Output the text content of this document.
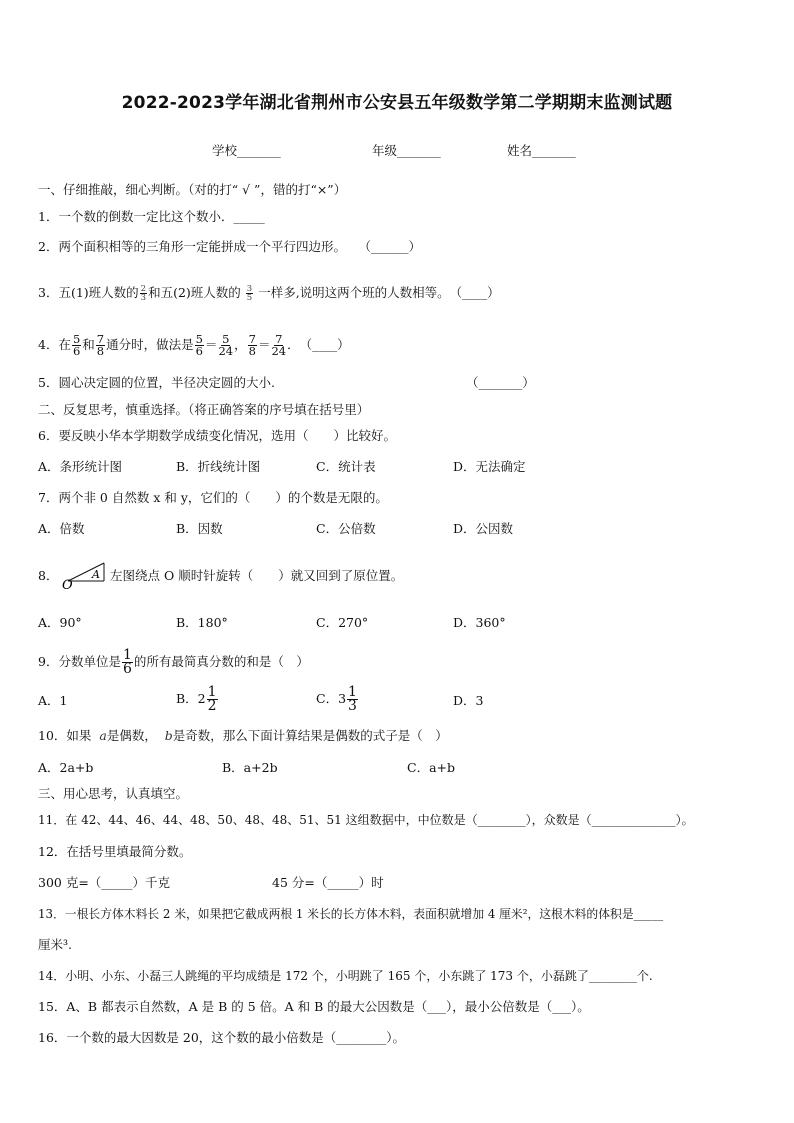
2022-2023学年湖北省荆州市公安县五年级数学第二学期期末监测试题
学校_______	年级_______	姓名_______
一、仔细推敲，细心判断。（对的打“ √ ”，错的打“×”）
1．一个数的倒数一定比这个数小．_____
2．两个面积相等的三角形一定能拼成一个平行四边形。　　（______）
3．五(1)班人数的 $\frac{2}{3}$ 和五(2)班人数的 $\frac{3}{5}$ 一样多,说明这两个班的人数相等。　（____）
4．在 $\frac{5}{6}$ 和 $\frac{7}{8}$ 通分时，做法是 $\frac{5}{6} = \frac{5}{24}$ ， $\frac{7}{8} = \frac{7}{24}$ ．　（____）
5．圆心决定圆的位置，半径决定圆的大小.	（_______）
二、反复思考，慎重选择。（将正确答案的序号填在括号里）
6．要反映小华本学期数学成绩变化情况，选用（　　）比较好。
A．条形统计图	B．折线统计图	C．统计表	D．无法确定
7．两个非 0 自然数 x 和 y，它们的（　　）的个数是无限的。
A．倍数	B．因数	C．公倍数	D．公因数
8．
O
A 左图绕点 O 顺时针旋转（　　）就又回到了原位置。
A．90°	B．180°	C．270°	D．360°
9．分数单位是 $\frac{1}{6}$ 的所有最简真分数的和是（　）
A．1	B．$2 \frac{1}{2}$	C．$3 \frac{1}{3}$	D．3
10．如果 a是偶数， b是奇数，那么下面计算结果是偶数的式子是（　）
A．2a+b	B．a+2b	C．a+b
三、用心思考，认真填空。
11．在 42、44、46、44、48、50、48、48、51、51 这组数据中，中位数是（________），众数是（______________）。
12．在括号里填最简分数。
300 克=（_____）千克	45 分=（_____）时
13．一根长方体木料长 2 米，如果把它截成两根 1 米长的长方体木料，表面积就增加 4 厘米²，这根木料的体积是_____
厘米³.
14．小明、小东、小磊三人跳绳的平均成绩是 172 个，小明跳了 165 个，小东跳了 173 个，小磊跳了________个.
15．A、B 都表示自然数，A 是 B 的 5 倍。A 和 B 的最大公因数是（___），最小公倍数是（___）。
16．一个数的最大因数是 20，这个数的最小倍数是（________）。
